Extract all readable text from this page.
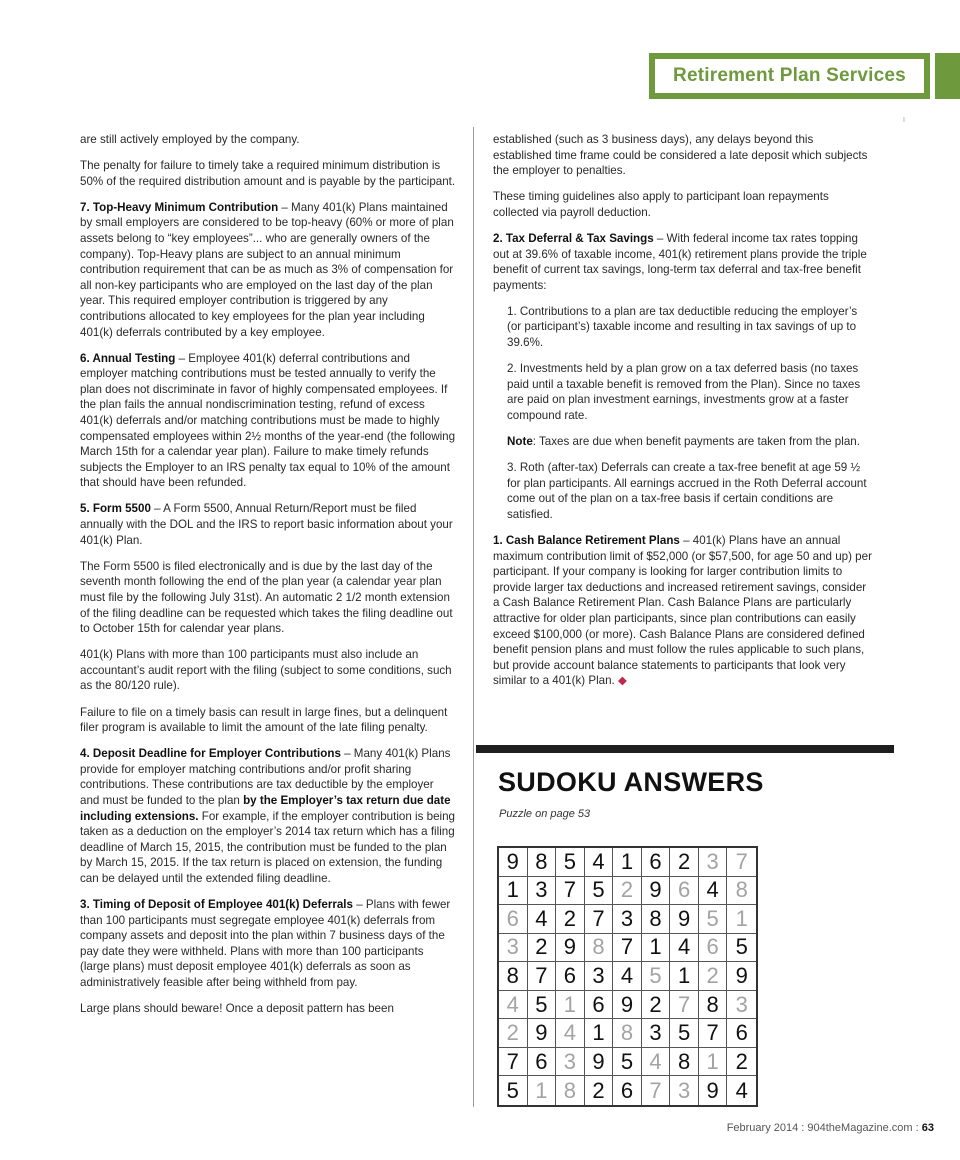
Retirement Plan Services
I

are still actively employed by the company.

The penalty for failure to timely take a required minimum distribution is 50% of the required distribution amount and is payable by the participant.

7. Top-Heavy Minimum Contribution – Many 401(k) Plans maintained by small employers are considered to be top-heavy (60% or more of plan assets belong to “key employees”... who are generally owners of the company). Top-Heavy plans are subject to an annual minimum contribution requirement that can be as much as 3% of compensation for all non-key participants who are employed on the last day of the plan year. This required employer contribution is triggered by any contributions allocated to key employees for the plan year including 401(k) deferrals contributed by a key employee.

6. Annual Testing – Employee 401(k) deferral contributions and employer matching contributions must be tested annually to verify the plan does not discriminate in favor of highly compensated employees. If the plan fails the annual nondiscrimination testing, refund of excess 401(k) deferrals and/or matching contributions must be made to highly compensated employees within 2½ months of the year-end (the following March 15th for a calendar year plan). Failure to make timely refunds subjects the Employer to an IRS penalty tax equal to 10% of the amount that should have been refunded.

5. Form 5500 – A Form 5500, Annual Return/Report must be filed annually with the DOL and the IRS to report basic information about your 401(k) Plan.

The Form 5500 is filed electronically and is due by the last day of the seventh month following the end of the plan year (a calendar year plan must file by the following July 31st). An automatic 2 1/2 month extension of the filing deadline can be requested which takes the filing deadline out to October 15th for calendar year plans.

401(k) Plans with more than 100 participants must also include an accountant’s audit report with the filing (subject to some conditions, such as the 80/120 rule).

Failure to file on a timely basis can result in large fines, but a delinquent filer program is available to limit the amount of the late filing penalty.

4. Deposit Deadline for Employer Contributions – Many 401(k) Plans provide for employer matching contributions and/or profit sharing contributions. These contributions are tax deductible by the employer and must be funded to the plan by the Employer’s tax return due date including extensions. For example, if the employer contribution is being taken as a deduction on the employer’s 2014 tax return which has a filing deadline of March 15, 2015, the contribution must be funded to the plan by March 15, 2015. If the tax return is placed on extension, the funding can be delayed until the extended filing deadline.

3. Timing of Deposit of Employee 401(k) Deferrals – Plans with fewer than 100 participants must segregate employee 401(k) deferrals from company assets and deposit into the plan within 7 business days of the pay date they were withheld. Plans with more than 100 participants (large plans) must deposit employee 401(k) deferrals as soon as administratively feasible after being withheld from pay.

Large plans should beware! Once a deposit pattern has been

established (such as 3 business days), any delays beyond this established time frame could be considered a late deposit which subjects the employer to penalties.

These timing guidelines also apply to participant loan repayments collected via payroll deduction.

2. Tax Deferral & Tax Savings – With federal income tax rates topping out at 39.6% of taxable income, 401(k) retirement plans provide the triple benefit of current tax savings, long-term tax deferral and tax-free benefit payments:

1. Contributions to a plan are tax deductible reducing the employer’s (or participant’s) taxable income and resulting in tax savings of up to 39.6%.

2. Investments held by a plan grow on a tax deferred basis (no taxes paid until a taxable benefit is removed from the Plan). Since no taxes are paid on plan investment earnings, investments grow at a faster compound rate.

Note: Taxes are due when benefit payments are taken from the plan.

3. Roth (after-tax) Deferrals can create a tax-free benefit at age 59 ½ for plan participants. All earnings accrued in the Roth Deferral account come out of the plan on a tax-free basis if certain conditions are satisfied.

1. Cash Balance Retirement Plans – 401(k) Plans have an annual maximum contribution limit of $52,000 (or $57,500, for age 50 and up) per participant. If your company is looking for larger contribution limits to provide larger tax deductions and increased retirement savings, consider a Cash Balance Retirement Plan. Cash Balance Plans are particularly attractive for older plan participants, since plan contributions can easily exceed $100,000 (or more). Cash Balance Plans are considered defined benefit pension plans and must follow the rules applicable to such plans, but provide account balance statements to participants that look very similar to a 401(k) Plan. ◆

SUDOKU ANSWERS
Puzzle on page 53
9 8 5 4 1 6 2 3 7
1 3 7 5 2 9 6 4 8
6 4 2 7 3 8 9 5 1
3 2 9 8 7 1 4 6 5
8 7 6 3 4 5 1 2 9
4 5 1 6 9 2 7 8 3
2 9 4 1 8 3 5 7 6
7 6 3 9 5 4 8 1 2
5 1 8 2 6 7 3 9 4
February 2014 : 904theMagazine.com : 63
